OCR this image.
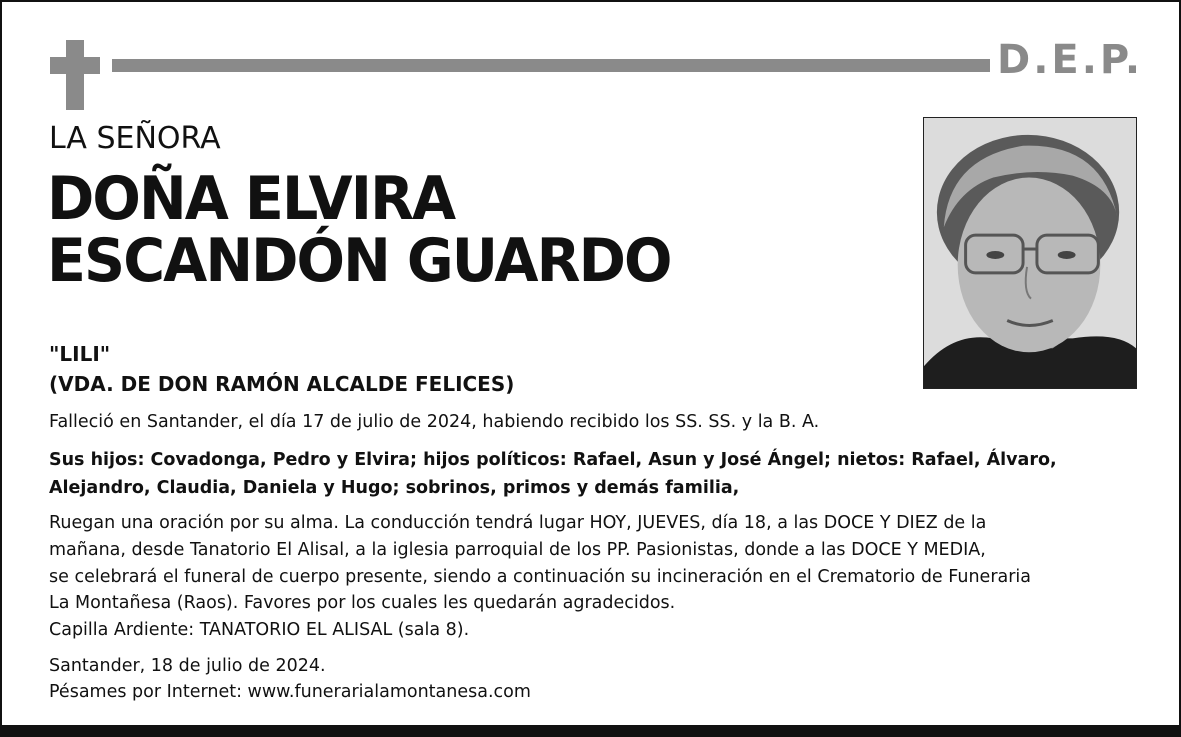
D.E.P.
LA SEÑORA
DOÑA ELVIRA
ESCANDÓN GUARDO
"LILI"
(VDA. DE DON RAMÓN ALCALDE FELICES)
Falleció en Santander, el día 17 de julio de 2024, habiendo recibido los SS. SS. y la B. A.
Sus hijos: Covadonga, Pedro y Elvira; hijos políticos: Rafael, Asun y José Ángel; nietos: Rafael, Álvaro,
Alejandro, Claudia, Daniela y Hugo; sobrinos, primos y demás familia,
Ruegan una oración por su alma. La conducción tendrá lugar HOY, JUEVES, día 18, a las DOCE Y DIEZ de la
mañana, desde Tanatorio El Alisal, a la iglesia parroquial de los PP. Pasionistas, donde a las DOCE Y MEDIA,
se celebrará el funeral de cuerpo presente, siendo a continuación su incineración en el Crematorio de Funeraria
La Montañesa (Raos). Favores por los cuales les quedarán agradecidos.
Capilla Ardiente: TANATORIO EL ALISAL (sala 8).
Santander, 18 de julio de 2024.
Pésames por Internet: www.funerarialamontanesa.com
